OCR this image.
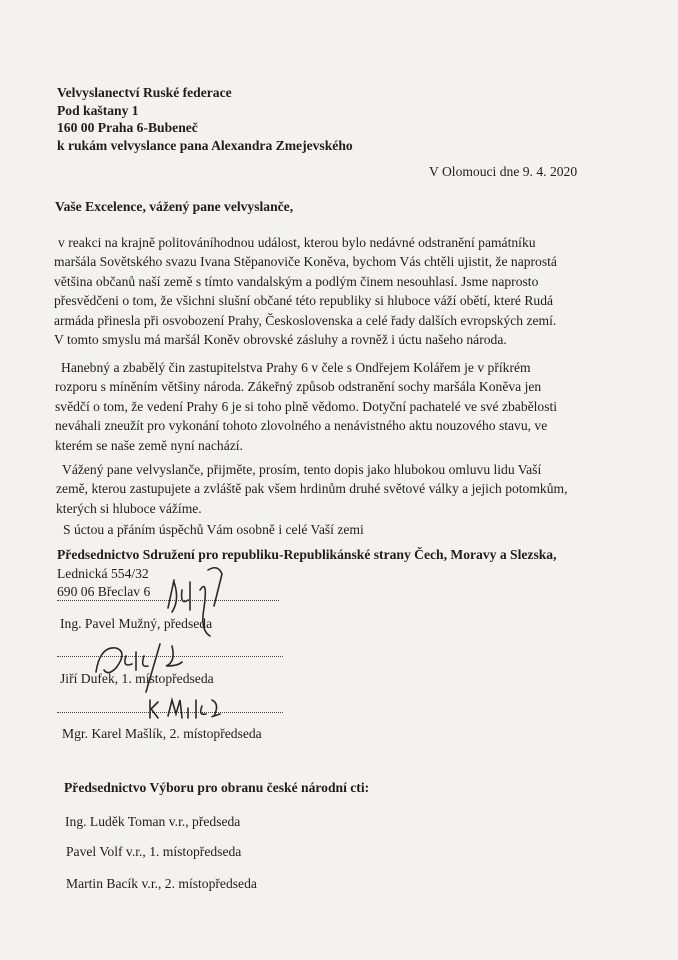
Velvyslanectví Ruské federace
Pod kaštany 1
160 00 Praha 6-Bubeneč
k rukám velvyslance pana Alexandra Zmejevského
V Olomouci dne 9. 4. 2020
Vaše Excelence, vážený pane velvyslanče,
v reakci na krajně politováníhodnou událost, kterou bylo nedávné odstranění památníku
maršála Sovětského svazu Ivana Stěpanoviče Koněva, bychom Vás chtěli ujistit, že naprostá
většina občanů naší země s tímto vandalským a podlým činem nesouhlasí. Jsme naprosto
přesvědčeni o tom, že všichni slušní občané této republiky si hluboce váží obětí, které Rudá
armáda přinesla při osvobození Prahy, Československa a celé řady dalších evropských zemí.
V tomto smyslu má maršál Koněv obrovské zásluhy a rovněž i úctu našeho národa.
Hanebný a zbabělý čin zastupitelstva Prahy 6 v čele s Ondřejem Kolářem je v příkrém
rozporu s míněním většiny národa. Zákeřný způsob odstranění sochy maršála Koněva jen
svědčí o tom, že vedení Prahy 6 je si toho plně vědomo. Dotyční pachatelé ve své zbabělosti
neváhali zneužít pro vykonání tohoto zlovolného a nenávistného aktu nouzového stavu, ve
kterém se naše země nyní nachází.
Vážený pane velvyslanče, přijměte, prosím, tento dopis jako hlubokou omluvu lidu Vaší
země, kterou zastupujete a zvláště pak všem hrdinům druhé světové války a jejich potomkům,
kterých si hluboce vážíme.
S úctou a přáním úspěchů Vám osobně i celé Vaší zemi
Předsednictvo Sdružení pro republiku-Republikánské strany Čech, Moravy a Slezska,
Lednická 554/32
690 06 Břeclav 6
Ing. Pavel Mužný, předseda
Jiří Dufek, 1. místopředseda
Mgr. Karel Mašlík, 2. místopředseda
Předsednictvo Výboru pro obranu české národní cti:
Ing. Luděk Toman v.r., předseda
Pavel Volf v.r., 1. místopředseda
Martin Bacík v.r., 2. místopředseda
